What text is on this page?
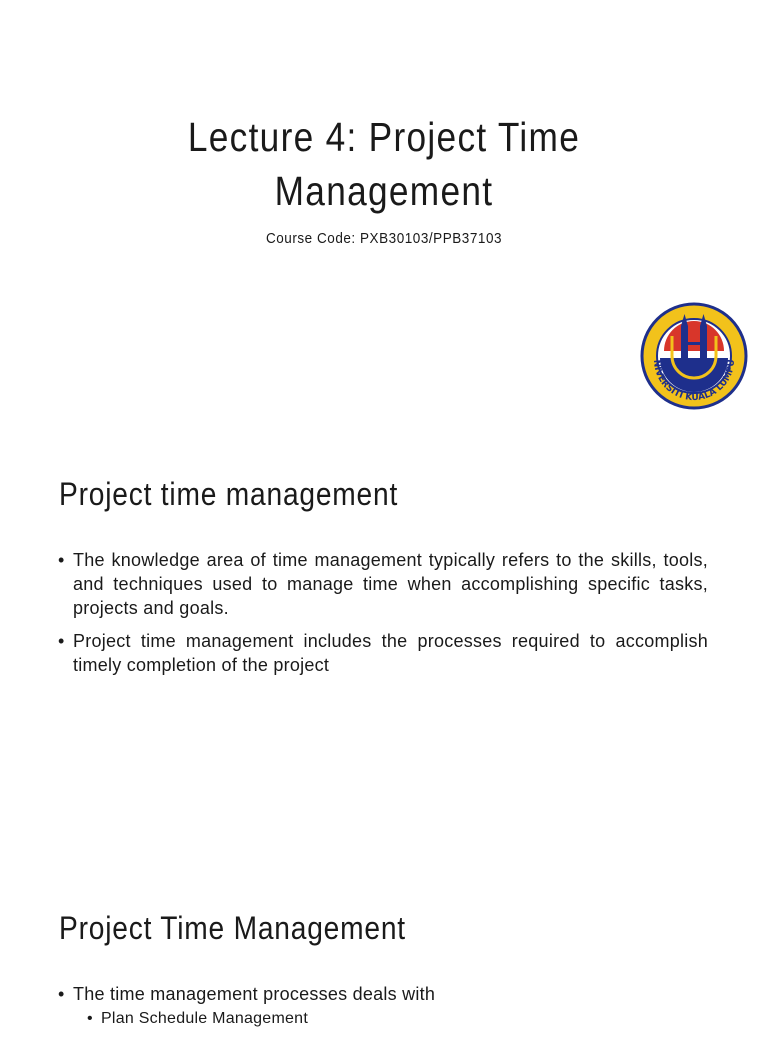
Lecture 4: Project Time
Management
Course Code: PXB30103/PPB37103
NIVERSITI KUALA LUMPU
Project time management
• The knowledge area of time management typically refers to the skills, tools, and techniques used to manage time when accomplishing specific tasks, projects and goals.
• Project time management includes the processes required to accomplish timely completion of the project
Project Time Management
• The time management processes deals with
• Plan Schedule Management
